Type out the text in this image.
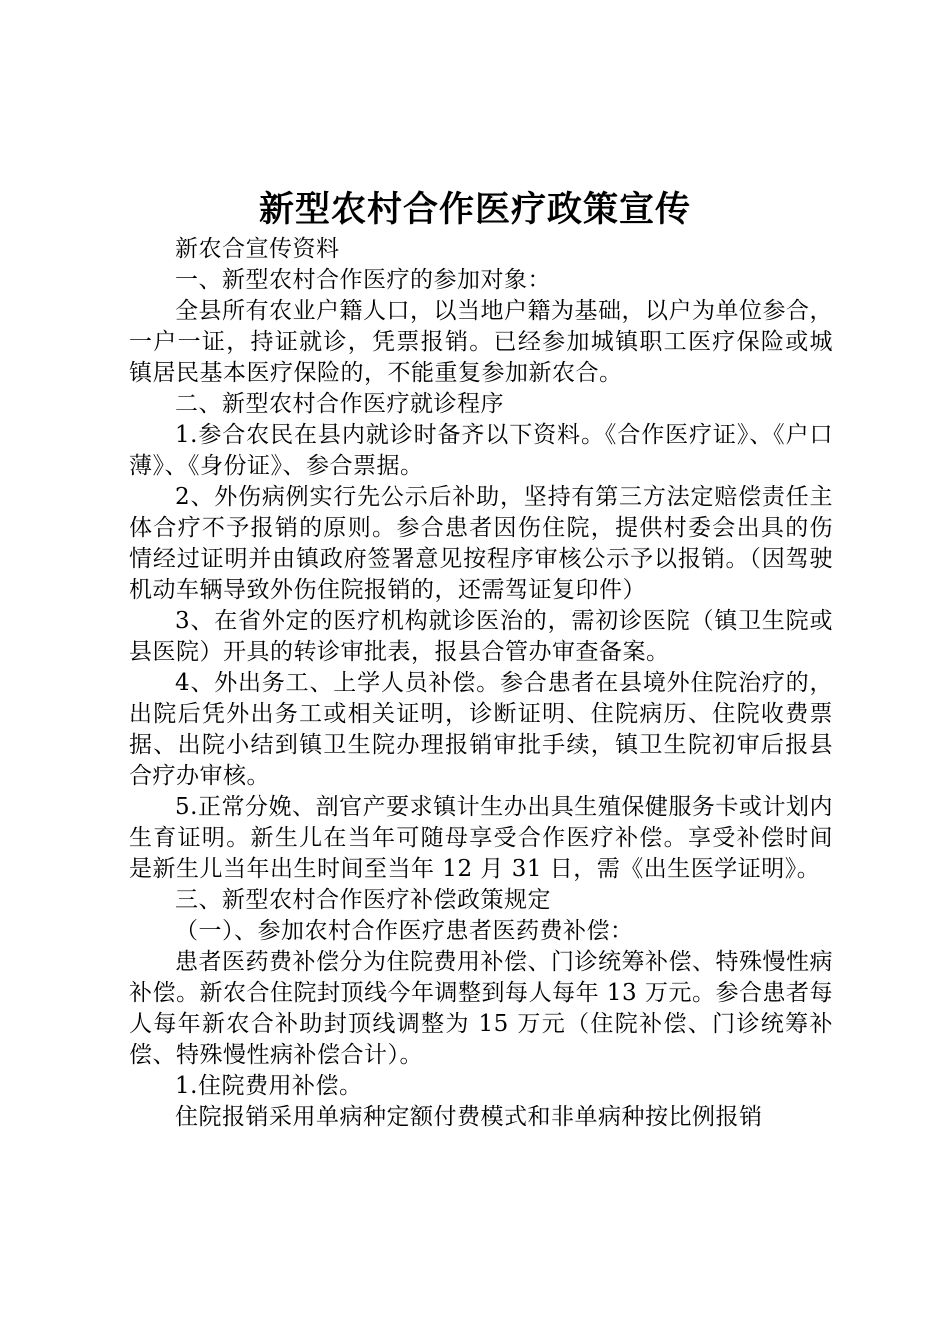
新型农村合作医疗政策宣传

新农合宣传资料

一、新型农村合作医疗的参加对象：

全县所有农业户籍人口，以当地户籍为基础，以户为单位参合，一户一证，持证就诊，凭票报销。已经参加城镇职工医疗保险或城镇居民基本医疗保险的，不能重复参加新农合。

二、新型农村合作医疗就诊程序

1.参合农民在县内就诊时备齐以下资料。《合作医疗证》、《户口薄》、《身份证》、参合票据。

2、外伤病例实行先公示后补助，坚持有第三方法定赔偿责任主体合疗不予报销的原则。参合患者因伤住院，提供村委会出具的伤情经过证明并由镇政府签署意见按程序审核公示予以报销。（因驾驶机动车辆导致外伤住院报销的，还需驾证复印件）

3、在省外定的医疗机构就诊医治的，需初诊医院（镇卫生院或县医院）开具的转诊审批表，报县合管办审查备案。

4、外出务工、上学人员补偿。参合患者在县境外住院治疗的，出院后凭外出务工或相关证明，诊断证明、住院病历、住院收费票据、出院小结到镇卫生院办理报销审批手续，镇卫生院初审后报县合疗办审核。

5.正常分娩、剖官产要求镇计生办出具生殖保健服务卡或计划内生育证明。新生儿在当年可随母享受合作医疗补偿。享受补偿时间是新生儿当年出生时间至当年 12 月 31 日，需《出生医学证明》。

三、新型农村合作医疗补偿政策规定

（一）、参加农村合作医疗患者医药费补偿：

患者医药费补偿分为住院费用补偿、门诊统筹补偿、特殊慢性病补偿。新农合住院封顶线今年调整到每人每年 13 万元。参合患者每人每年新农合补助封顶线调整为 15 万元（住院补偿、门诊统筹补偿、特殊慢性病补偿合计）。

1.住院费用补偿。

住院报销采用单病种定额付费模式和非单病种按比例报销
